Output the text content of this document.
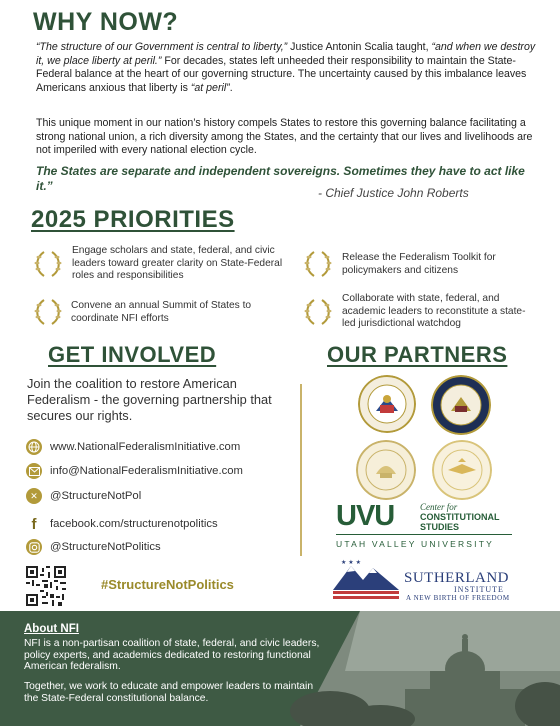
WHY NOW?

“The structure of our Government is central to liberty,” Justice Antonin Scalia taught, “and when we destroy it, we place liberty at peril.” For decades, states left unheeded their responsibility to maintain the State-Federal balance at the heart of our governing structure. The uncertainty caused by this imbalance leaves Americans anxious that liberty is “at peril”.

This unique moment in our nation’s history compels States to restore this governing balance facilitating a strong national union, a rich diversity among the States, and the certainty that our lives and livelihoods are not imperiled with every national election cycle.

The States are separate and independent sovereigns. Sometimes they have to act like it.”	- Chief Justice John Roberts
2025 PRIORITIES
Engage scholars and state, federal, and civic leaders toward greater clarity on State-Federal roles and responsibilities
Release the Federalism Toolkit for policymakers and citizens
Convene an annual Summit of States to coordinate NFI efforts
Collaborate with state, federal, and academic leaders to reconstitute a state-led jurisdictional watchdog
GET INVOLVED
Join the coalition to restore American Federalism - the governing partnership that secures our rights.
www.NationalFederalismInitiative.com
info@NationalFederalismInitiative.com
✕	@StructureNotPol
f	facebook.com/structurenotpolitics
@StructureNotPolitics
#StructureNotPolitics
OUR PARTNERS
UVU	Center for
CONSTITUTIONAL
STUDIES
UTAH VALLEY UNIVERSITY
★ ★ ★
SUTHERLAND
INSTITUTE
A NEW BIRTH OF FREEDOM
About NFI
NFI is a non-partisan coalition of state, federal, and civic leaders, policy experts, and academics dedicated to restoring functional American federalism.
Together, we work to educate and empower leaders to maintain the State-Federal constitutional balance.
